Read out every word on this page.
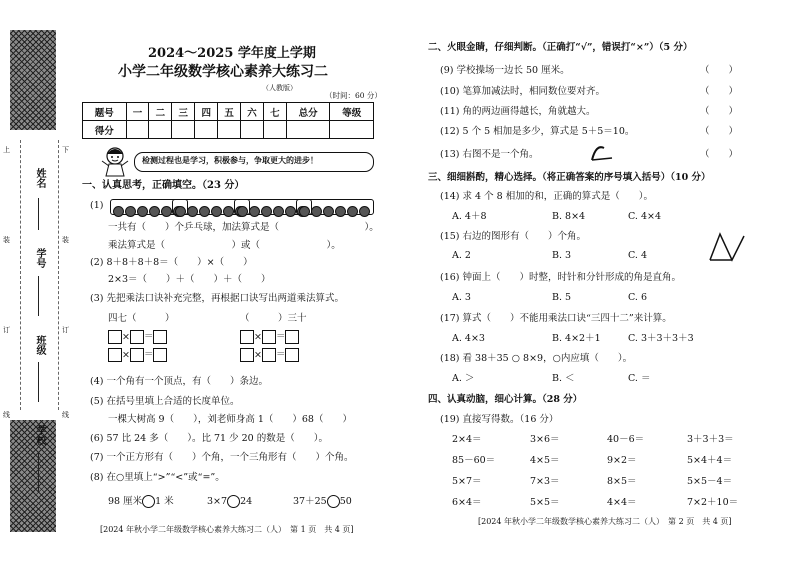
上	下
装	装
订	订
线	线
姓名
学号
班级
学校
2024～2025 学年度上学期
小学二年级数学核心素养大练习二
（人教版）
（时间：60 分）
题号	一	二	三	四	五	六	七	总分	等级
得分									
检测过程也是学习，积极参与，争取更大的进步！
一、认真思考，正确填空。（23 分）
(1)
一共有（　　）个乒乓球，加法算式是（　　　　　　　　　）。
乘法算式是（　　　　　　　）或（　　　　　　　）。
(2) 8＋8＋8＋8＝（　　）×（　　）
2×3＝（　　）＋（　　）＋（　　）
(3) 先把乘法口诀补充完整，再根据口诀写出两道乘法算式。
四七（　　　）	（　　　）三十
× ＝
× ＝
× ＝
× ＝
(4) 一个角有一个顶点，有（　　）条边。
(5) 在括号里填上合适的长度单位。
一棵大树高 9（　　），刘老师身高 1（　　）68（　　）
(6) 57 比 24 多（　　）。比 71 少 20 的数是（　　）。
(7) 一个正方形有（　　）个角，一个三角形有（　　）个角。
(8) 在○里填上“>”“<”或“=”。
98 厘米 1 米	3×7 24	37＋25 50
[2024 年秋小学二年级数学核心素养大练习二（人）　第 1 页　共 4 页]
二、火眼金睛，仔细判断。（正确打“√”，错误打“×”）（5 分）
(9) 学校操场一边长 50 厘米。	（　　）
(10) 笔算加减法时，相同数位要对齐。	（　　）
(11) 角的两边画得越长，角就越大。	（　　）
(12) 5 个 5 相加是多少，算式是 5＋5＝10。	（　　）
(13) 右图不是一个角。	（　　）
三、细细斟酌，精心选择。（将正确答案的序号填入括号）（10 分）
(14) 求 4 个 8 相加的和，正确的算式是（　　）。
A. 4＋8	B. 8×4	C. 4×4
(15) 右边的图形有（　　）个角。
A. 2	B. 3	C. 4
(16) 钟面上（　　）时整，时针和分针形成的角是直角。
A. 3	B. 5	C. 6
(17) 算式（　　）不能用乘法口诀“三四十二”来计算。
A. 4×3	B. 4×2＋1	C. 3＋3＋3＋3
(18) 看 38＋35 ○ 8×9，○内应填（　　）。
A. ＞	B. ＜	C. ＝
四、认真动脑，细心计算。（28 分）
(19) 直接写得数。（16 分）
2×4＝	3×6＝	40－6＝	3＋3＋3＝
85－60＝	4×5＝	9×2＝	5×4＋4＝
5×7＝	7×3＝	8×5＝	5×5－4＝
6×4＝	5×5＝	4×4＝	7×2＋10＝
[2024 年秋小学二年级数学核心素养大练习二（人）　第 2 页　共 4 页]
